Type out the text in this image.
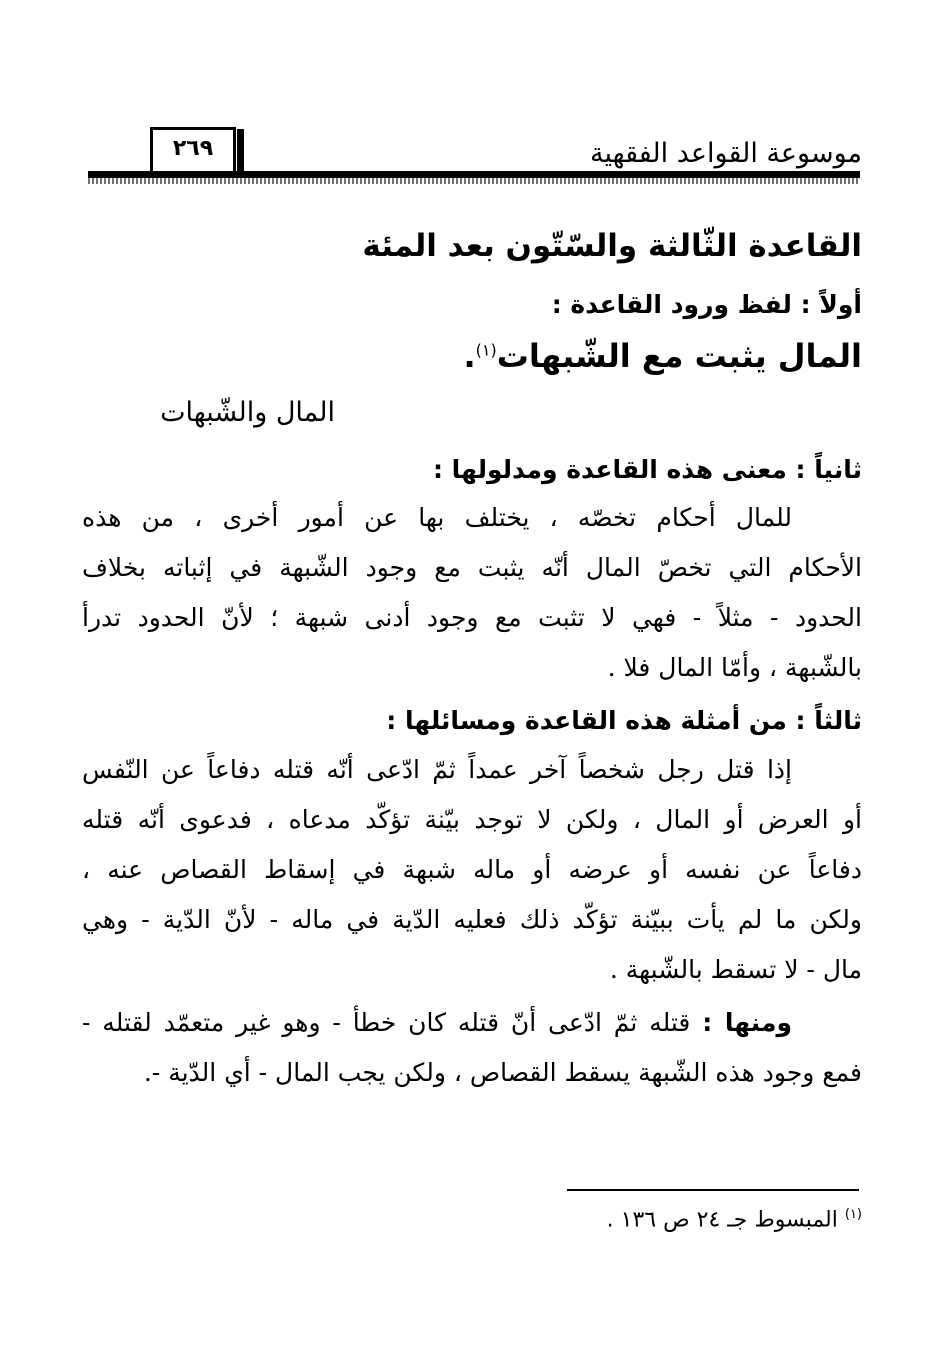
موسوعة القواعد الفقهية
٢٦٩
القاعدة الثّالثة والسّتّون بعد المئة
أولاً : لفظ ورود القاعدة :
المال يثبت مع الشّبهات$^{(١)}$.
المال والشّبهات
ثانياً : معنى هذه القاعدة ومدلولها :
للمال أحكام تخصّه ، يختلف بها عن أمور أخرى ، من هذه
الأحكام التي تخصّ المال أنّه يثبت مع وجود الشّبهة في إثباته بخلاف
الحدود - مثلاً - فهي لا تثبت مع وجود أدنى شبهة ؛ لأنّ الحدود تدرأ
بالشّبهة ، وأمّا المال فلا .
ثالثاً : من أمثلة هذه القاعدة ومسائلها :
إذا قتل رجل شخصاً آخر عمداً ثمّ ادّعى أنّه قتله دفاعاً عن النّفس
أو العرض أو المال ، ولكن لا توجد بيّنة تؤكّد مدعاه ، فدعوى أنّه قتله
دفاعاً عن نفسه أو عرضه أو ماله شبهة في إسقاط القصاص عنه ،
ولكن ما لم يأت ببيّنة تؤكّد ذلك فعليه الدّية في ماله - لأنّ الدّية - وهي
مال - لا تسقط بالشّبهة .
ومنها : قتله ثمّ ادّعى أنّ قتله كان خطأ - وهو غير متعمّد لقتله -
فمع وجود هذه الشّبهة يسقط القصاص ، ولكن يجب المال - أي الدّية -.
$^{(١)}$ المبسوط جـ ٢٤ ص ١٣٦ .
